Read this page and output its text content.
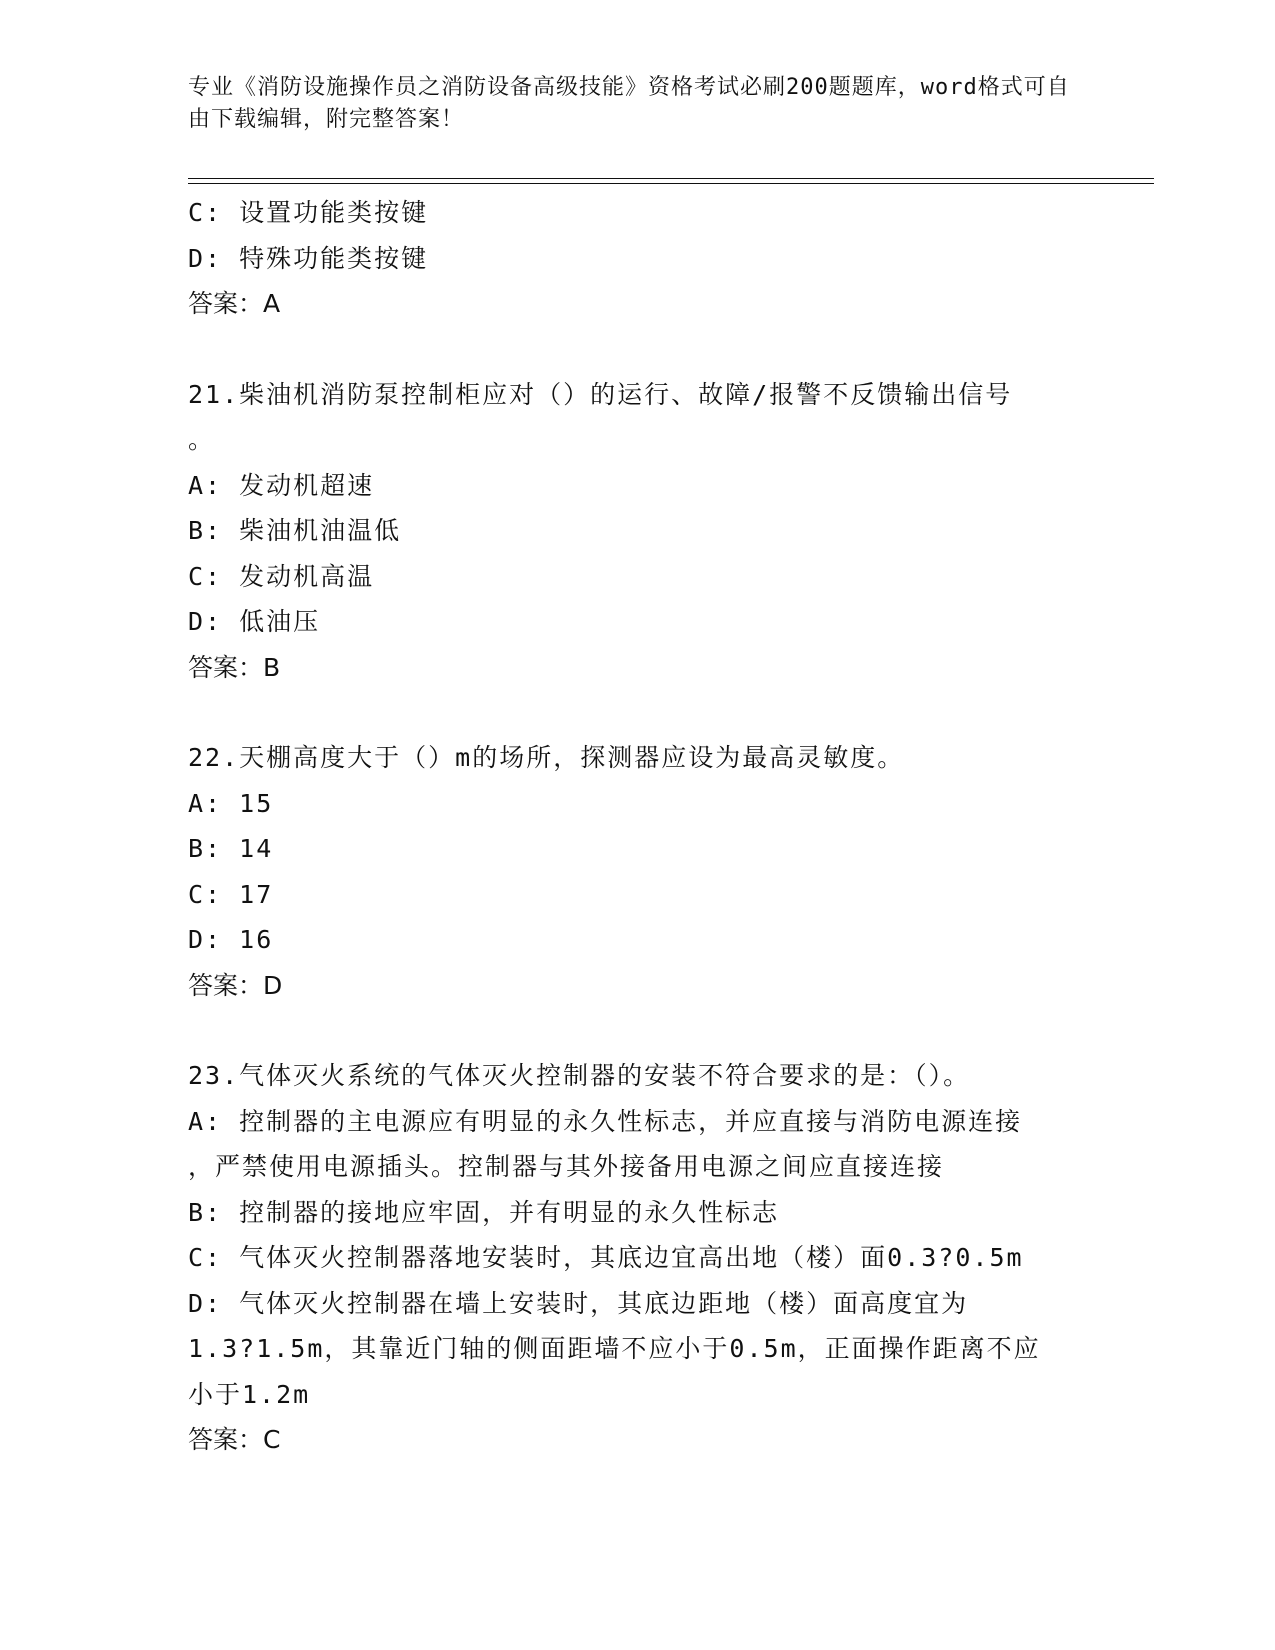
专业《消防设施操作员之消防设备高级技能》资格考试必刷200题题库，word格式可自由下载编辑，附完整答案！
C: 设置功能类按键
D: 特殊功能类按键
答案：A
21.柴油机消防泵控制柜应对（）的运行、故障/报警不反馈输出信号
。
A: 发动机超速
B: 柴油机油温低
C: 发动机高温
D: 低油压
答案：B
22.天棚高度大于（）m的场所，探测器应设为最高灵敏度。
A: 15
B: 14
C: 17
D: 16
答案：D
23.气体灭火系统的气体灭火控制器的安装不符合要求的是：（）。
A: 控制器的主电源应有明显的永久性标志，并应直接与消防电源连接
，严禁使用电源插头。控制器与其外接备用电源之间应直接连接
B: 控制器的接地应牢固，并有明显的永久性标志
C: 气体灭火控制器落地安装时，其底边宜高出地（楼）面0.3?0.5m
D: 气体灭火控制器在墙上安装时，其底边距地（楼）面高度宜为
1.3?1.5m，其靠近门轴的侧面距墙不应小于0.5m，正面操作距离不应
小于1.2m
答案：C
